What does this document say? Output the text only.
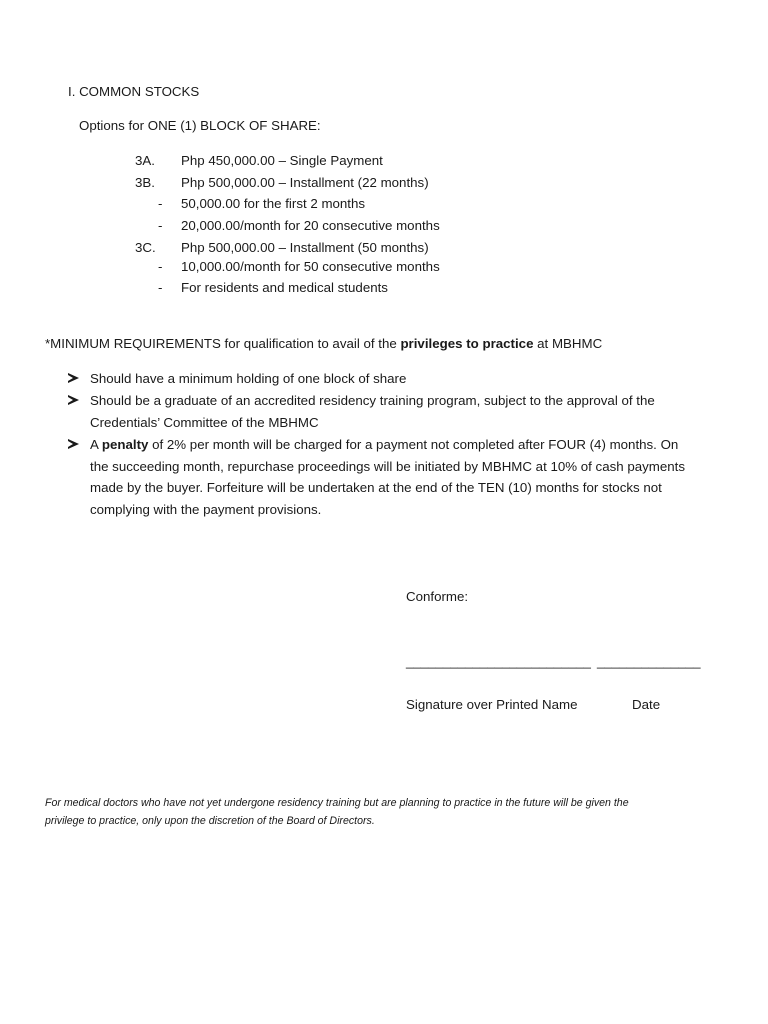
I. COMMON STOCKS
Options for ONE (1) BLOCK OF SHARE:
3A. Php 450,000.00 – Single Payment
3B. Php 500,000.00 – Installment (22 months)
- 50,000.00 for the first 2 months
- 20,000.00/month for 20 consecutive months
3C. Php 500,000.00 – Installment (50 months)
- 10,000.00/month for 50 consecutive months
- For residents and medical students
*MINIMUM REQUIREMENTS for qualification to avail of the privileges to practice at MBHMC
Should have a minimum holding of one block of share
Should be a graduate of an accredited residency training program, subject to the approval of the
Credentials’ Committee of the MBHMC
A penalty of 2% per month will be charged for a payment not completed after FOUR (4) months. On
the succeeding month, repurchase proceedings will be initiated by MBHMC at 10% of cash payments
made by the buyer. Forfeiture will be undertaken at the end of the TEN (10) months for stocks not
complying with the payment provisions.
Conforme:
_________________________ ______________
Signature over Printed Name	Date
For medical doctors who have not yet undergone residency training but are planning to practice in the future will be given the
privilege to practice, only upon the discretion of the Board of Directors.
